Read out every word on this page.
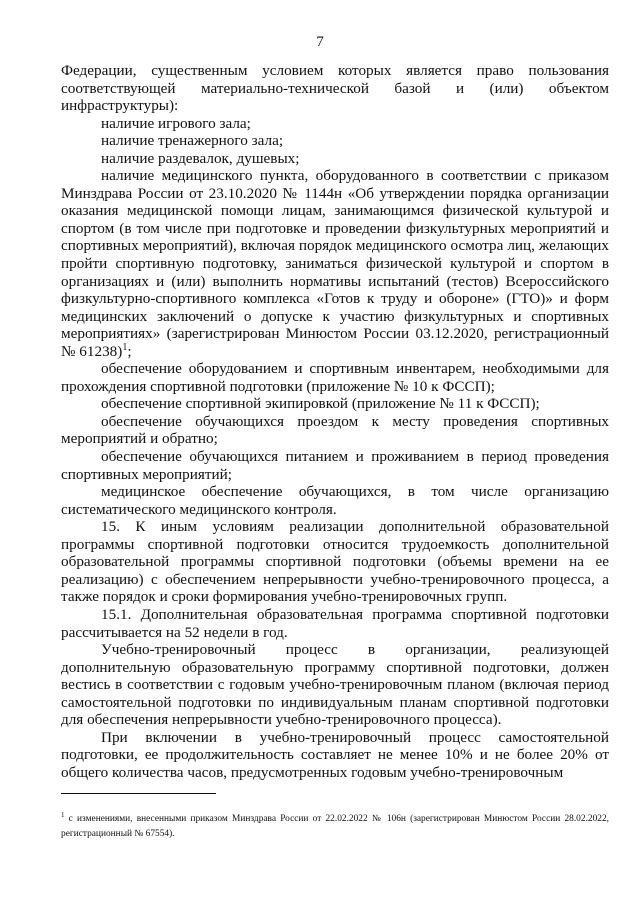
7

Федерации, существенным условием которых является право пользования соответствующей материально-технической базой и (или) объектом инфраструктуры):

наличие игрового зала;

наличие тренажерного зала;

наличие раздевалок, душевых;

наличие медицинского пункта, оборудованного в соответствии с приказом Минздрава России от 23.10.2020 № 1144н «Об утверждении порядка организации оказания медицинской помощи лицам, занимающимся физической культурой и спортом (в том числе при подготовке и проведении физкультурных мероприятий и спортивных мероприятий), включая порядок медицинского осмотра лиц, желающих пройти спортивную подготовку, заниматься физической культурой и спортом в организациях и (или) выполнить нормативы испытаний (тестов) Всероссийского физкультурно-спортивного комплекса «Готов к труду и обороне» (ГТО)» и форм медицинских заключений о допуске к участию физкультурных и спортивных мероприятиях» (зарегистрирован Минюстом России 03.12.2020, регистрационный № 61238)$^1$;

обеспечение оборудованием и спортивным инвентарем, необходимыми для прохождения спортивной подготовки (приложение № 10 к ФССП);

обеспечение спортивной экипировкой (приложение № 11 к ФССП);

обеспечение обучающихся проездом к месту проведения спортивных мероприятий и обратно;

обеспечение обучающихся питанием и проживанием в период проведения спортивных мероприятий;

медицинское обеспечение обучающихся, в том числе организацию систематического медицинского контроля.

15. К иным условиям реализации дополнительной образовательной программы спортивной подготовки относится трудоемкость дополнительной образовательной программы спортивной подготовки (объемы времени на ее реализацию) с обеспечением непрерывности учебно-тренировочного процесса, а также порядок и сроки формирования учебно-тренировочных групп.

15.1. Дополнительная образовательная программа спортивной подготовки рассчитывается на 52 недели в год.

Учебно-тренировочный процесс в организации, реализующей дополнительную образовательную программу спортивной подготовки, должен вестись в соответствии с годовым учебно-тренировочным планом (включая период самостоятельной подготовки по индивидуальным планам спортивной подготовки для обеспечения непрерывности учебно-тренировочного процесса).

При включении в учебно-тренировочный процесс самостоятельной подготовки, ее продолжительность составляет не менее 10% и не более 20% от общего количества часов, предусмотренных годовым учебно-тренировочным

$^1$ с изменениями, внесенными приказом Минздрава России от 22.02.2022 № 106н (зарегистрирован Минюстом России 28.02.2022, регистрационный № 67554).
